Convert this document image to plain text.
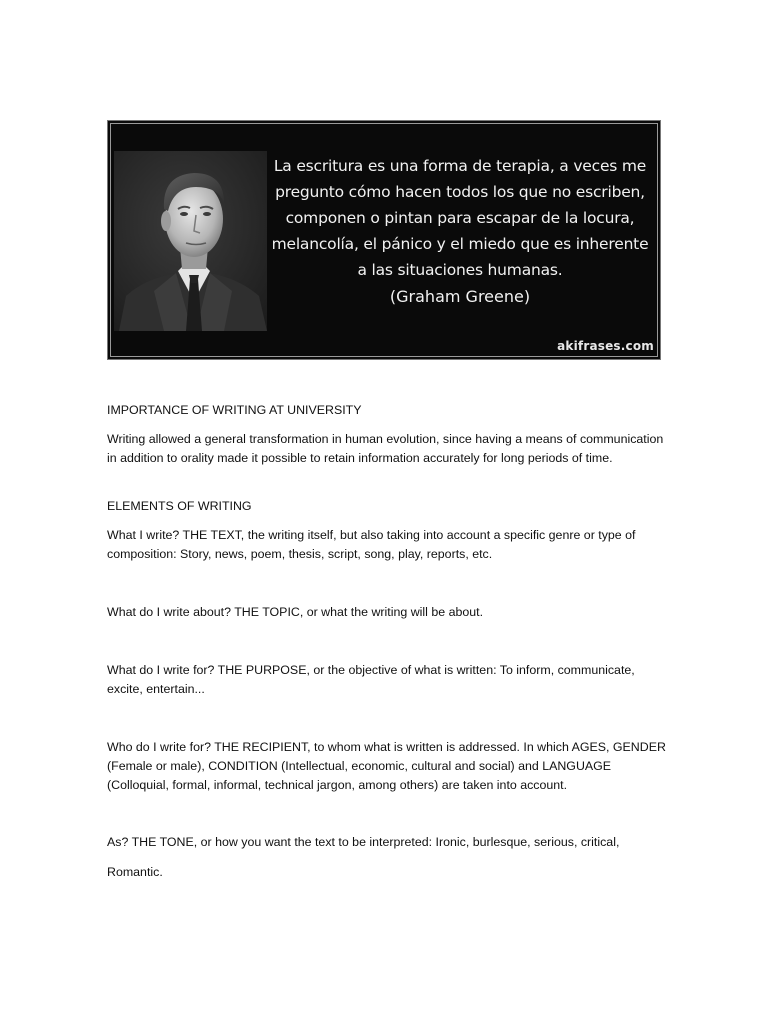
La escritura es una forma de terapia, a veces me pregunto cómo hacen todos los que no escriben, componen o pintan para escapar de la locura, melancolía, el pánico y el miedo que es inherente a las situaciones humanas.
(Graham Greene)
akifrases.com

IMPORTANCE OF WRITING AT UNIVERSITY

Writing allowed a general transformation in human evolution, since having a means of communication in addition to orality made it possible to retain information accurately for long periods of time.

ELEMENTS OF WRITING

What I write? THE TEXT, the writing itself, but also taking into account a specific genre or type of composition: Story, news, poem, thesis, script, song, play, reports, etc.

What do I write about? THE TOPIC, or what the writing will be about.

What do I write for? THE PURPOSE, or the objective of what is written: To inform, communicate, excite, entertain...

Who do I write for? THE RECIPIENT, to whom what is written is addressed. In which AGES, GENDER (Female or male), CONDITION (Intellectual, economic, cultural and social) and LANGUAGE (Colloquial, formal, informal, technical jargon, among others) are taken into account.

As? THE TONE, or how you want the text to be interpreted: Ironic, burlesque, serious, critical,

Romantic.
